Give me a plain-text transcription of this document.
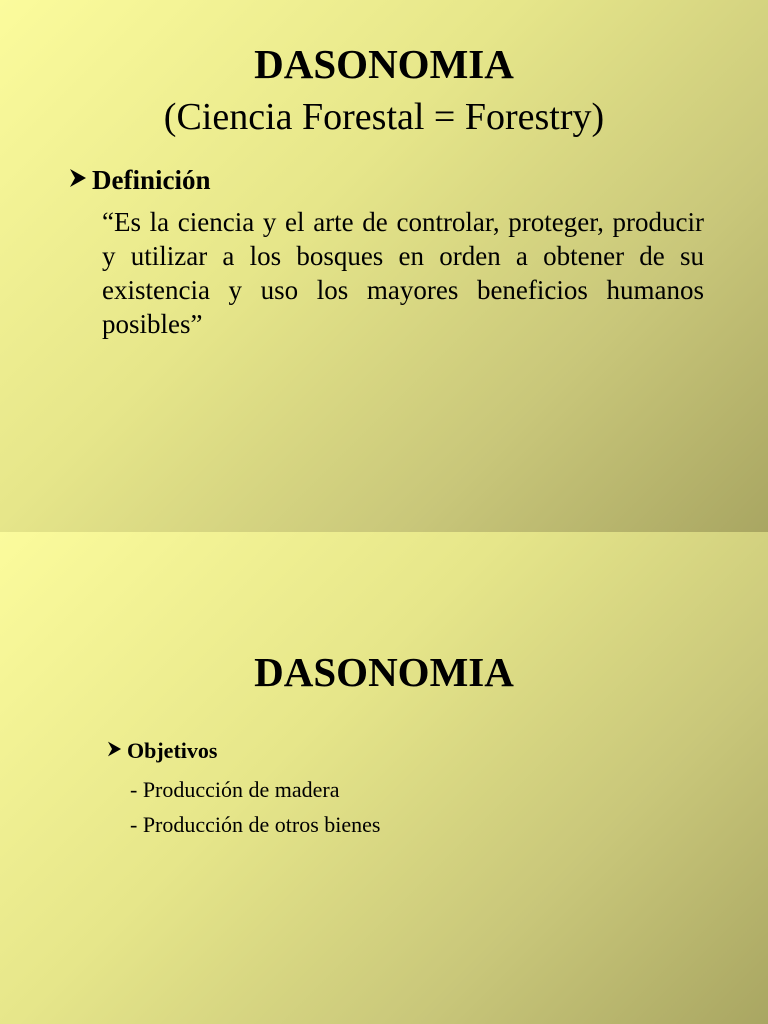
DASONOMIA
(Ciencia Forestal = Forestry)
Definición

“Es la ciencia y el arte de controlar, proteger, producir y utilizar a los bosques en orden a obtener de su existencia y uso los mayores beneficios humanos posibles”

DASONOMIA
Objetivos
- Producción de madera
- Producción de otros bienes
